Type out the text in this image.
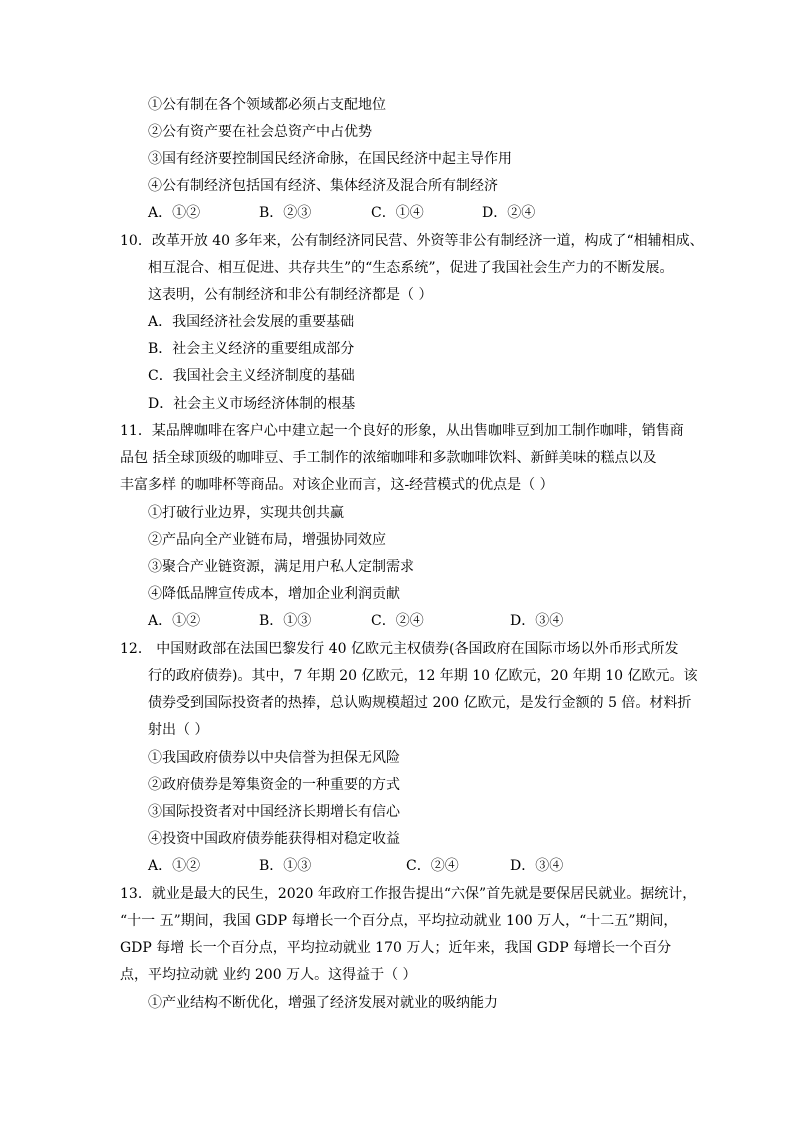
①公有制在各个领域都必须占支配地位
②公有资产要在社会总资产中占优势
③国有经济要控制国民经济命脉，在国民经济中起主导作用
④公有制经济包括国有经济、集体经济及混合所有制经济
A．①②	B．②③	C．①④	D．②④
10．改革开放 40 多年来，公有制经济同民营、外资等非公有制经济一道，构成了“相辅相成、
相互混合、相互促进、共存共生”的“生态系统”，促进了我国社会生产力的不断发展。
这表明，公有制经济和非公有制经济都是（ ）
A．我国经济社会发展的重要基础
B．社会主义经济的重要组成部分
C．我国社会主义经济制度的基础
D．社会主义市场经济体制的根基
11．某品牌咖啡在客户心中建立起一个良好的形象，从出售咖啡豆到加工制作咖啡，销售商
品包 括全球顶级的咖啡豆、手工制作的浓缩咖啡和多款咖啡饮料、新鲜美味的糕点以及
丰富多样 的咖啡杯等商品。对该企业而言，这-经营模式的优点是（ ）
①打破行业边界，实现共创共赢
②产品向全产业链布局，增强协同效应
③聚合产业链资源，满足用户私人定制需求
④降低品牌宣传成本，增加企业利润贡献
A．①②	B．①③	C．②④	D．③④
12． 中国财政部在法国巴黎发行 40 亿欧元主权债券(各国政府在国际市场以外币形式所发
行的政府债券)。其中，7 年期 20 亿欧元，12 年期 10 亿欧元，20 年期 10 亿欧元。该
债券受到国际投资者的热捧，总认购规模超过 200 亿欧元，是发行金额的 5 倍。材料折
射出（ ）
①我国政府债券以中央信誉为担保无风险
②政府债券是筹集资金的一种重要的方式
③国际投资者对中国经济长期增长有信心
④投资中国政府债券能获得相对稳定收益
A．①②	B．①③	C．②④	D．③④
13．就业是最大的民生，2020 年政府工作报告提出“六保”首先就是要保居民就业。据统计，
“十一 五”期间，我国 GDP 每增长一个百分点，平均拉动就业 100 万人，“十二五”期间，
GDP 每增 长一个百分点，平均拉动就业 170 万人；近年来，我国 GDP 每增长一个百分
点，平均拉动就 业约 200 万人。这得益于（ ）
①产业结构不断优化，增强了经济发展对就业的吸纳能力
